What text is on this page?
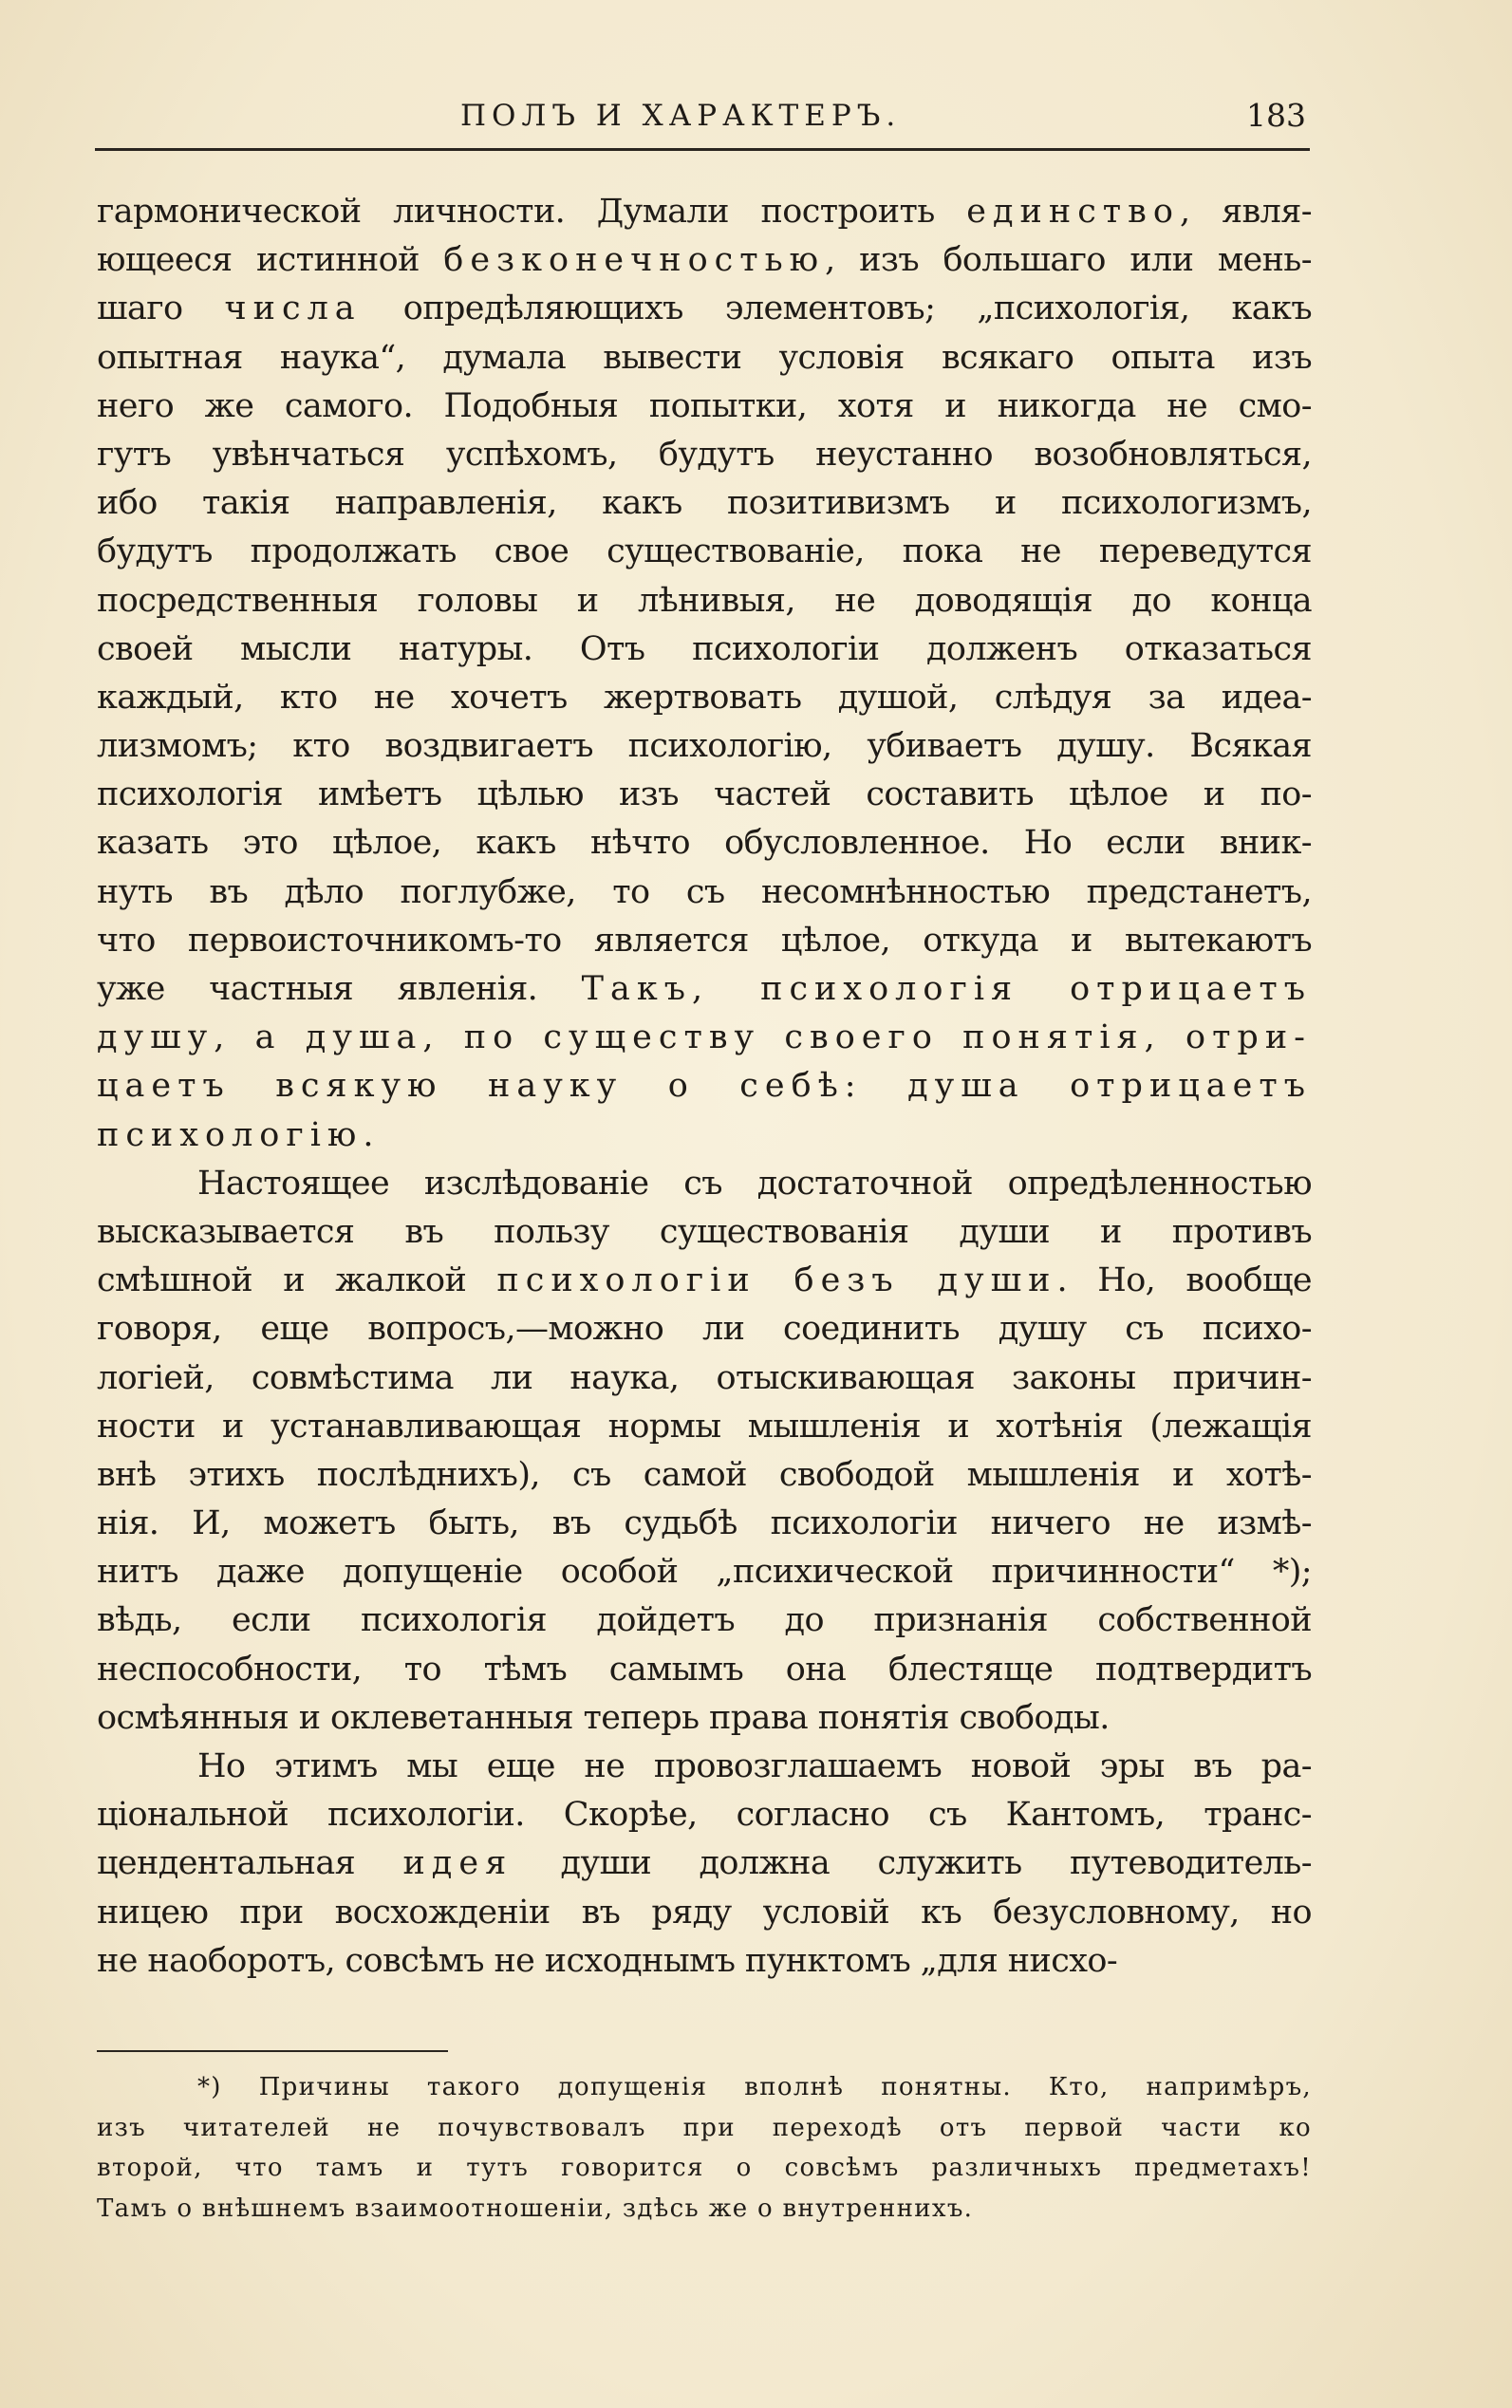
ПОЛЪ И ХАРАКТЕРЪ.	183
гармонической личности. Думали построить единство, явля-
ющееся истинной безконечностью, изъ большаго или мень-
шаго числа опредѣляющихъ элементовъ; „психологія, какъ
опытная наука“, думала вывести условія всякаго опыта изъ
него же самого. Подобныя попытки, хотя и никогда не смо-
гутъ увѣнчаться успѣхомъ, будутъ неустанно возобновляться,
ибо такія направленія, какъ позитивизмъ и психологизмъ,
будутъ продолжать свое существованіе, пока не переведутся
посредственныя головы и лѣнивыя, не доводящія до конца
своей мысли натуры. Отъ психологіи долженъ отказаться
каждый, кто не хочетъ жертвовать душой, слѣдуя за идеа-
лизмомъ; кто воздвигаетъ психологію, убиваетъ душу. Всякая
психологія имѣетъ цѣлью изъ частей составить цѣлое и по-
казать это цѣлое, какъ нѣчто обусловленное. Но если вник-
нуть въ дѣло поглубже, то съ несомнѣнностью предстанетъ,
что первоисточникомъ-то является цѣлое, откуда и вытекаютъ
уже частныя явленія. Такъ, психологія отрицаетъ
душу, а душа, по существу своего понятія, отри-
цаетъ всякую науку о себѣ: душа отрицаетъ
психологію.
Настоящее изслѣдованіе съ достаточной опредѣленностью
высказывается въ пользу существованія души и противъ
смѣшной и жалкой психологіи безъ души. Но, вообще
говоря, еще вопросъ,—можно ли соединить душу съ психо-
логіей, совмѣстима ли наука, отыскивающая законы причин-
ности и устанавливающая нормы мышленія и хотѣнія (лежащія
внѣ этихъ послѣднихъ), съ самой свободой мышленія и хотѣ-
нія. И, можетъ быть, въ судьбѣ психологіи ничего не измѣ-
нитъ даже допущеніе особой „психической причинности“ *);
вѣдь, если психологія дойдетъ до признанія собственной
неспособности, то тѣмъ самымъ она блестяще подтвердитъ
осмѣянныя и оклеветанныя теперь права понятія свободы.
Но этимъ мы еще не провозглашаемъ новой эры въ ра-
ціональной психологіи. Скорѣе, согласно съ Кантомъ, транс-
цендентальная идея души должна служить путеводитель-
ницею при восхожденіи въ ряду условій къ безусловному, но
не наоборотъ, совсѣмъ не исходнымъ пунктомъ „для нисхо-
*) Причины такого допущенія вполнѣ понятны. Кто, напримѣръ,
изъ читателей не почувствовалъ при переходѣ отъ первой части ко
второй, что тамъ и тутъ говорится о совсѣмъ различныхъ предметахъ!
Тамъ о внѣшнемъ взаимоотношеніи, здѣсь же о внутреннихъ.
